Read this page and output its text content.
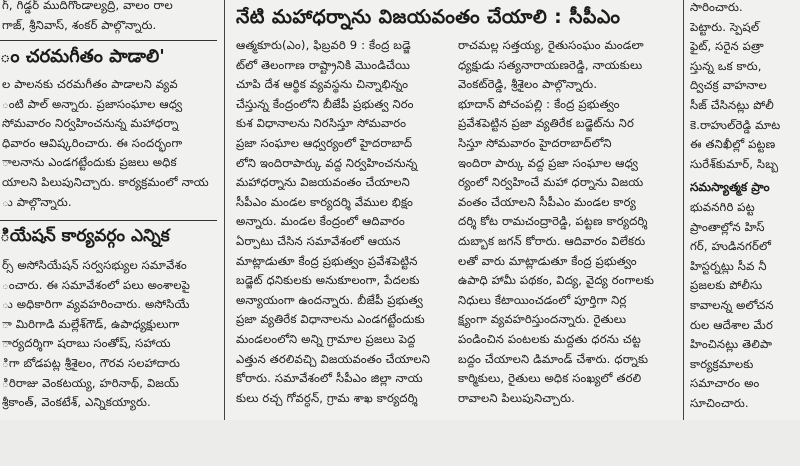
గ్, గిడ్డర్ ముదిగొండాల్యద్రి, వాలం రాల
గాజ్, శ్రీనివాస్, శంకర్ పాల్గొన్నారు.
ం చరమగీతం పాడాలి'
ల పాలనకు చరమగీతం పాడాలని వ్యవ
ంటి పాల్ అన్నారు. ప్రజాసంఘాల ఆధ్వ
సోమవారం నిర్వహించనున్న మహాధర్నా
ధివారం ఆవిష్కరించారు. ఈ సందర్భంగా
ాలనాను ఎండగట్టేందుకు ప్రజలు అధిక
యాలని పిలుపునిచ్చారు. కార్యక్రమంలో నాయ
ు పాల్గొన్నారు.
ియేషన్ కార్యవర్గం ఎన్నిక
ర్స్ అసోసియేషన్ సర్వసభ్యుల సమావేశం
ంచారు. ఈ సమావేశంలో పలు అంశాలపై
ు అధికారిగా వ్యవహరించారు. అసోసియే
ా మిరిగాడి మల్లేశ్‌గౌడ్, ఉపాధ్యక్షులుగా
ార్యదర్శిగా షరాబు సంతోష్, సహాయ
ిగా బోడపట్ల శ్రీశైలం, గౌరవ సలహాదారు
ిరిరాజు వెంకటయ్య, హరినాథ్, విజయ్
శ్రీకాంత్, వెంకటేశ్, ఎన్నికయ్యారు.
నేటి మహాధర్నాను విజయవంతం చేయాలి : సీపీఎం
ఆత్మకూరు(ఎం), ఫిబ్రవరి 9 : కేంద్ర బడ్జె
ట్‌లో తెలంగాణ రాష్ట్రానికి మొండిచేయి
చూపి దేశ ఆర్థిక వ్యవస్థను చిన్నాభిన్నం
చేస్తున్న కేంద్రంలోని బీజేపీ ప్రభుత్వ నిరం
కుశ విధానాలను నిరసిస్తూ సోమవారం
ప్రజా సంఘాల ఆధ్వర్యంలో హైదరాబాద్
లోని ఇందిరాపార్కు వద్ద నిర్వహించనున్న
మహాధర్నాను విజయవంతం చేయాలని
సీపీఎం మండల కార్యదర్శి వేముల భిక్షం
అన్నారు. మండల కేంద్రంలో ఆదివారం
ఏర్పాటు చేసిన సమావేశంలో ఆయన
మాట్లాడుతూ కేంద్ర ప్రభుత్వం ప్రవేశపెట్టిన
బడ్జెట్ ధనికులకు అనుకూలంగా, పేదలకు
అన్యాయంగా ఉందన్నారు. బీజేపీ ప్రభుత్వ
ప్రజా వ్యతిరేక విధానాలను ఎండగట్టేందుకు
మండలంలోని అన్ని గ్రామాల ప్రజలు పెద్ద
ఎత్తున తరలివచ్చి విజయవంతం చేయాలని
కోరారు. సమావేశంలో సీపీఎం జిల్లా నాయ
కులు రచ్చ గోవర్ధన్, గ్రామ శాఖ కార్యదర్శి
రాచమల్ల సత్తయ్య, రైతుసంఘం మండలా
ధ్యక్షుడు సత్యనారాయణరెడ్డి, నాయకులు
వెంకట్‌రెడ్డి, శ్రీశైలం పాల్గొన్నారు.
భూదాన్ పోచంపల్లి : కేంద్ర ప్రభుత్వం
ప్రవేశపెట్టిన ప్రజా వ్యతిరేక బడ్జెట్‌ను నిర
సిస్తూ సోమవారం హైదరాబాద్‌లోని
ఇందిరా పార్కు వద్ద ప్రజా సంఘాల ఆధ్వ
ర్యంలో నిర్వహించే మహా ధర్నాను విజయ
వంతం చేయాలని సీపీఎం మండల కార్య
దర్శి కోట రామచంద్రారెడ్డి, పట్టణ కార్యదర్శి
దుబ్బాక జగన్ కోరారు. ఆదివారం విలేకరు
లతో వారు మాట్లాడుతూ కేంద్ర ప్రభుత్వం
ఉపాధి హామీ పథకం, విద్య, వైద్య రంగాలకు
నిధులు కేటాయించడంలో పూర్తిగా నిర్ల
క్ష్యంగా వ్యవహరిస్తుందన్నారు. రైతులు
పండించిన పంటలకు మద్దతు ధరను చట్ట
బద్దం చేయాలని డిమాండ్ చేశారు. ధర్నాకు
కార్మికులు, రైతులు అధిక సంఖ్యలో తరలి
రావాలని పిలుపునిచ్చారు.
సారించారు.
పెట్టారు. స్పెషల్
ఫైట్, సరైన పత్రా
స్తున్న ఒక కారు,
ద్విచక్ర వాహనాల
సీజ్ చేసినట్లు పోలీ
కె.రాహుల్‌రెడ్డి మాట
ఈ తనిఖీల్లో పట్టణ
సురేశ్‌కుమార్, సిబ్బ
సమస్యాత్మక ప్రాం
భువనగిరి పట్ట
ప్రాంతాల్లోన హిస్
గర్, హుడినగర్‌లో
హిస్టర్నట్లు సీవ నీ
ప్రజలకు పోలీసు
కావాలన్న అలోచన
రుల ఆదేశాల మేర
హించినట్లు తెలిపా
కార్యక్రమాలకు
సమాచారం అం
సూచించారు.
